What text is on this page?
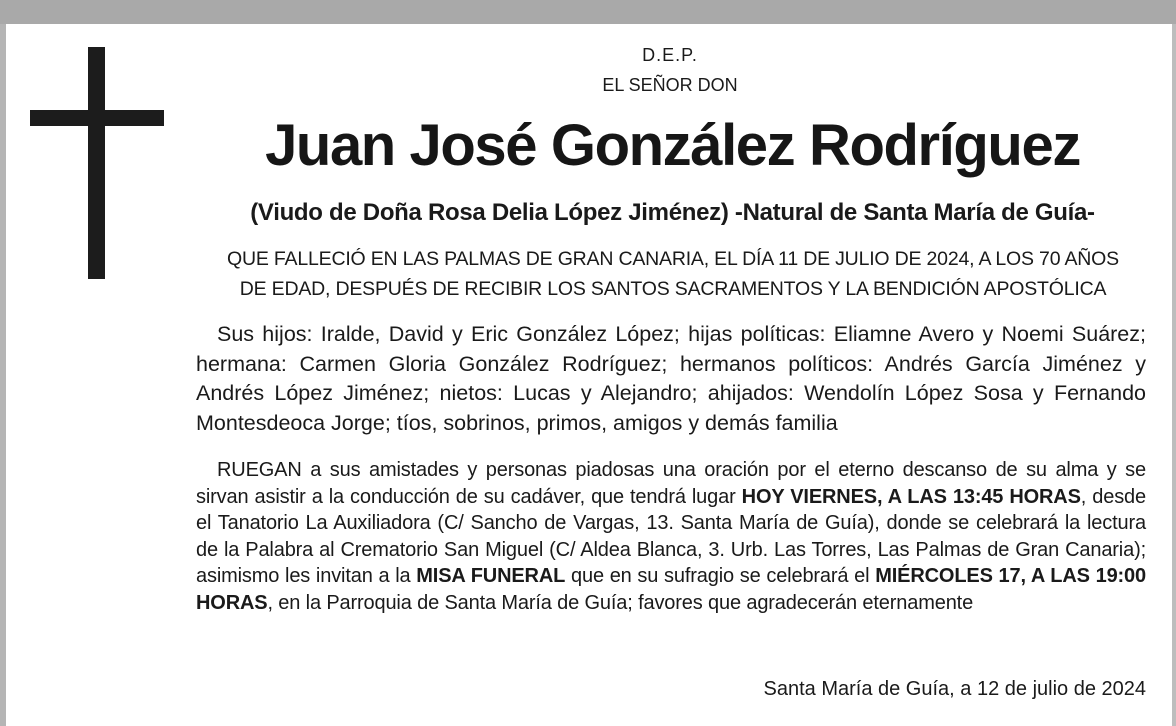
D.E.P.
EL SEÑOR DON
Juan José González Rodríguez
(Viudo de Doña Rosa Delia López Jiménez) -Natural de Santa María de Guía-
QUE FALLECIÓ EN LAS PALMAS DE GRAN CANARIA, EL DÍA 11 DE JULIO DE 2024, A LOS 70 AÑOS
DE EDAD, DESPUÉS DE RECIBIR LOS SANTOS SACRAMENTOS Y LA BENDICIÓN APOSTÓLICA
Sus hijos: Iralde, David y Eric González López; hijas políticas: Eliamne Avero y Noemi Suárez; hermana: Carmen Gloria González Rodríguez; hermanos políticos: Andrés García Jiménez y Andrés López Jiménez; nietos: Lucas y Alejandro; ahijados: Wendolín López Sosa y Fernando Montesdeoca Jorge; tíos, sobrinos, primos, amigos y demás familia
RUEGAN a sus amistades y personas piadosas una oración por el eterno descanso de su alma y se sirvan asistir a la conducción de su cadáver, que tendrá lugar HOY VIERNES, A LAS 13:45 HORAS, desde el Tanatorio La Auxiliadora (C/ Sancho de Vargas, 13. Santa María de Guía), donde se celebrará la lectura de la Palabra al Crematorio San Miguel (C/ Aldea Blanca, 3. Urb. Las Torres, Las Palmas de Gran Canaria); asimismo les invitan a la MISA FUNERAL que en su sufragio se celebrará el MIÉRCOLES 17, A LAS 19:00 HORAS, en la Parroquia de Santa María de Guía; favores que agradecerán eternamente
Santa María de Guía, a 12 de julio de 2024
